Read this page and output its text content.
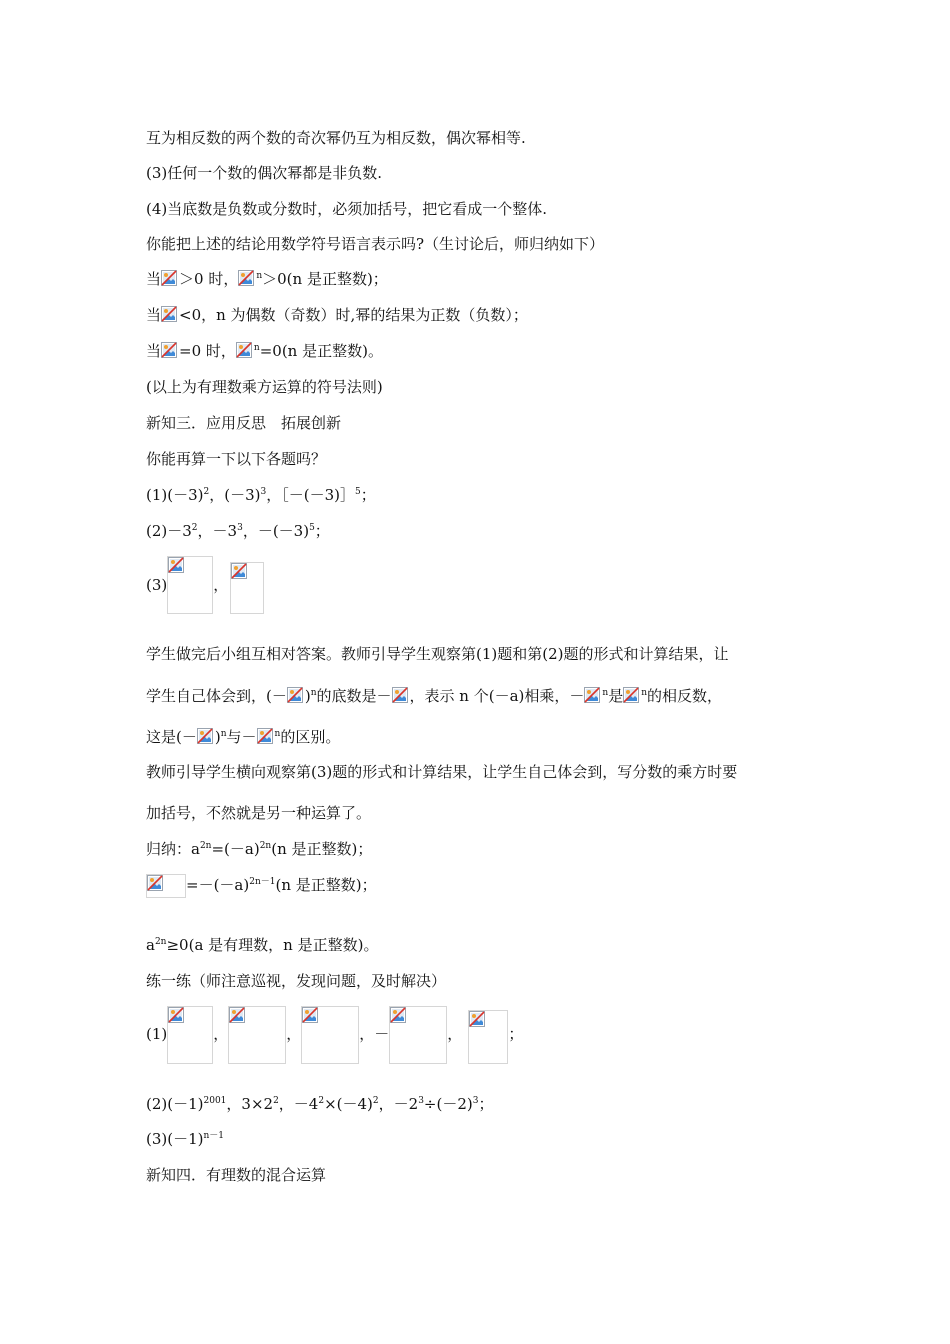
互为相反数的两个数的奇次幂仍互为相反数，偶次幂相等.
(3)任何一个数的偶次幂都是非负数.
(4)当底数是负数或分数时，必须加括号，把它看成一个整体.
你能把上述的结论用数学符号语言表示吗?（生讨论后，师归纳如下）
当 ＞0 时， $^n$＞0(n 是正整数)；
当 <0，n 为偶数（奇数）时,幂的结果为正数（负数）；
当 =0 时， $^n$=0(n 是正整数)。
(以上为有理数乘方运算的符号法则)
新知三．应用反思　拓展创新
你能再算一下以下各题吗？
$(1)(-3)^2$，$(-3)^3$，［－(－3)］$^5$；
$(2)-3^2$，$-3^3$，$-(-3)^5$；
(3)	，
学生做完后小组互相对答案。教师引导学生观察第(1)题和第(2)题的形式和计算结果，让
学生自己体会到，(－ )$^n$的底数是－ ，表示 n 个(－a)相乘，－ $^n$是 $^n$的相反数，
这是(－ )$^n$与－ $^n$的区别。
教师引导学生横向观察第(3)题的形式和计算结果，让学生自己体会到，写分数的乘方时要
加括号，不然就是另一种运算了。
归纳：$a^{2n}=(-a)^{2n}(n$ 是正整数)；
$=-(-a)^{2n-1}(n$ 是正整数)；
$a^{2n}\ge 0(a$ 是有理数，n 是正整数)。
练一练（师注意巡视，发现问题，及时解决）
(1)	，	，	，－	，	；
$(2)(-1)^{2001}$，$3\times 2^2$，$-4^2\times(-4)^2$，$-2^3\div(-2)^3$；
$(3)(-1)^{n-1}$
新知四．有理数的混合运算
